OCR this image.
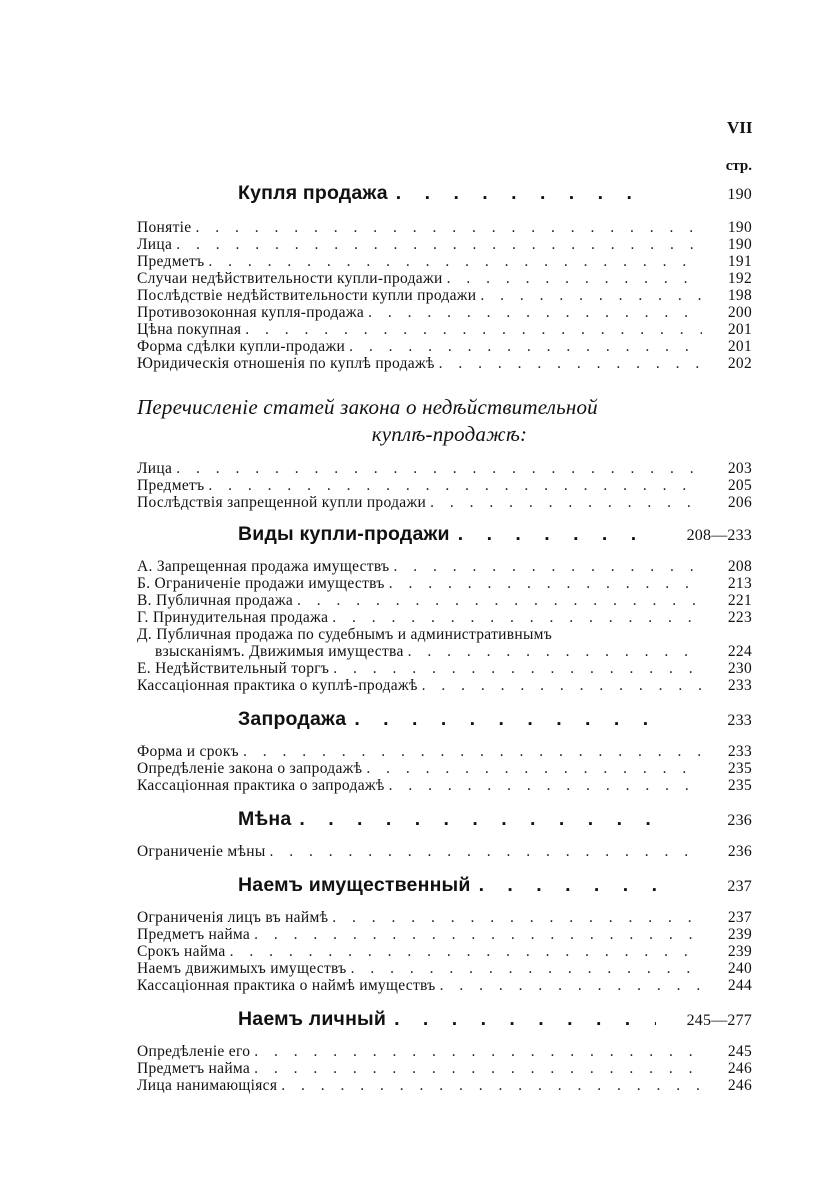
VII
стр.
Купля продажа . . .	190
Понятіе . . .	190
Лица . . .	190
Предметъ . . .	191
Случаи недѣйствительности купли-продажи . . .	192
Послѣдствіе недѣйствительности купли продажи . . .	198
Противозоконная купля-продажа . . .	200
Цѣна покупная . . .	201
Форма сдѣлки купли-продажи . . .	201
Юридическія отношенія по куплѣ продажѣ . . .	202
Перечисленіе статей закона о недѣйствительной
куплѣ-продажѣ:
Лица . . .	203
Предметъ . . .	205
Послѣдствія запрещенной купли продажи . . .	206
Виды купли-продажи . . .	208—233
А. Запрещенная продажа имуществъ . . .	208
Б. Ограниченіе продажи имуществъ . . .	213
В. Публичная продажа . . .	221
Г. Принудительная продажа . . .	223
Д. Публичная продажа по судебнымъ и административнымъ
взысканіямъ. Движимыя имущества . . .	224
Е. Недѣйствительный торгъ . . .	230
Кассаціонная практика о куплѣ-продажѣ . . .	233
Запродажа . . .	233
Форма и срокъ . . .	233
Опредѣленіе закона о запродажѣ . . .	235
Кассаціонная практика о запродажѣ . . .	235
Мѣна . . .	236
Ограниченіе мѣны . . .	236
Наемъ имущественный . . .	237
Ограниченія лицъ въ наймѣ . . .	237
Предметъ найма . . .	239
Срокъ найма . . .	239
Наемъ движимыхъ имуществъ . . .	240
Кассаціонная практика о наймѣ имуществъ . . .	244
Наемъ личный . . .	245—277
Опредѣленіе его . . .	245
Предметъ найма . . .	246
Лица нанимающіяся . . .	246
